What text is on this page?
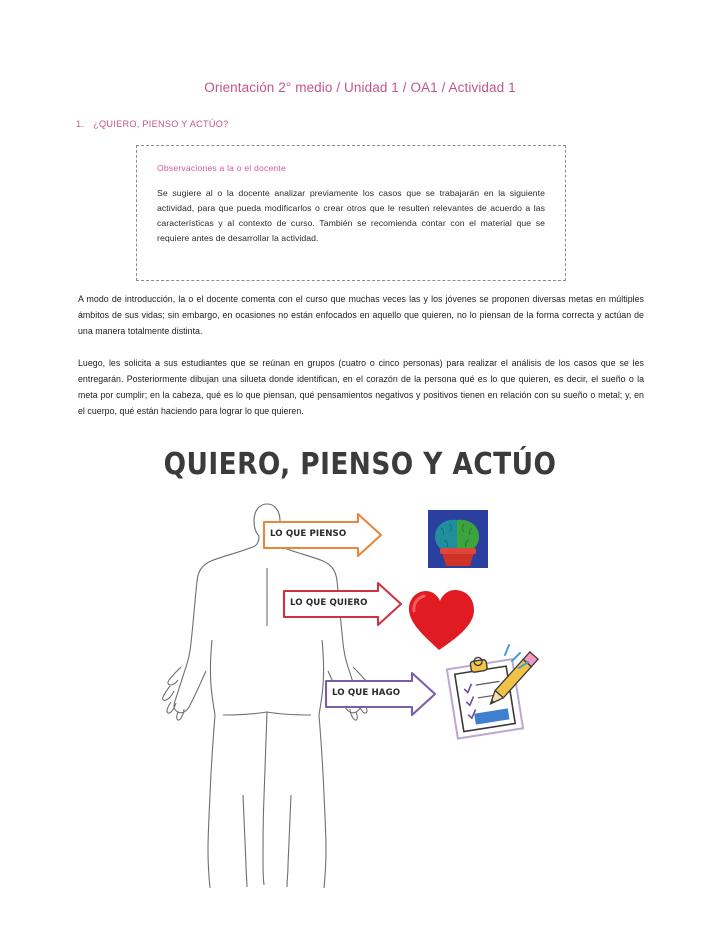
Orientación 2° medio / Unidad 1 / OA1 / Actividad 1
1. ¿QUIERO, PIENSO Y ACTÚO?

Observaciones a la o el docente

Se sugiere al o la docente analizar previamente los casos que se trabajarán en la siguiente actividad, para que pueda modificarlos o crear otros que le resulten relevantes de acuerdo a las características y al contexto de curso. También se recomienda contar con el material que se requiere antes de desarrollar la actividad.

A modo de introducción, la o el docente comenta con el curso que muchas veces las y los jóvenes se proponen diversas metas en múltiples ámbitos de sus vidas; sin embargo, en ocasiones no están enfocados en aquello que quieren, no lo piensan de la forma correcta y actúan de una manera totalmente distinta.

Luego, les solicita a sus estudiantes que se reúnan en grupos (cuatro o cinco personas) para realizar el análisis de los casos que se les entregarán. Posteriormente dibujan una silueta donde identifican, en el corazón de la persona qué es lo que quieren, es decir, el sueño o la meta por cumplir; en la cabeza, qué es lo que piensan, qué pensamientos negativos y positivos tienen en relación con su sueño o metal; y, en el cuerpo, qué están haciendo para lograr lo que quieren.

QUIERO, PIENSO Y ACTÚO
LO QUE PIENSO
LO QUE QUIERO
LO QUE HAGO
